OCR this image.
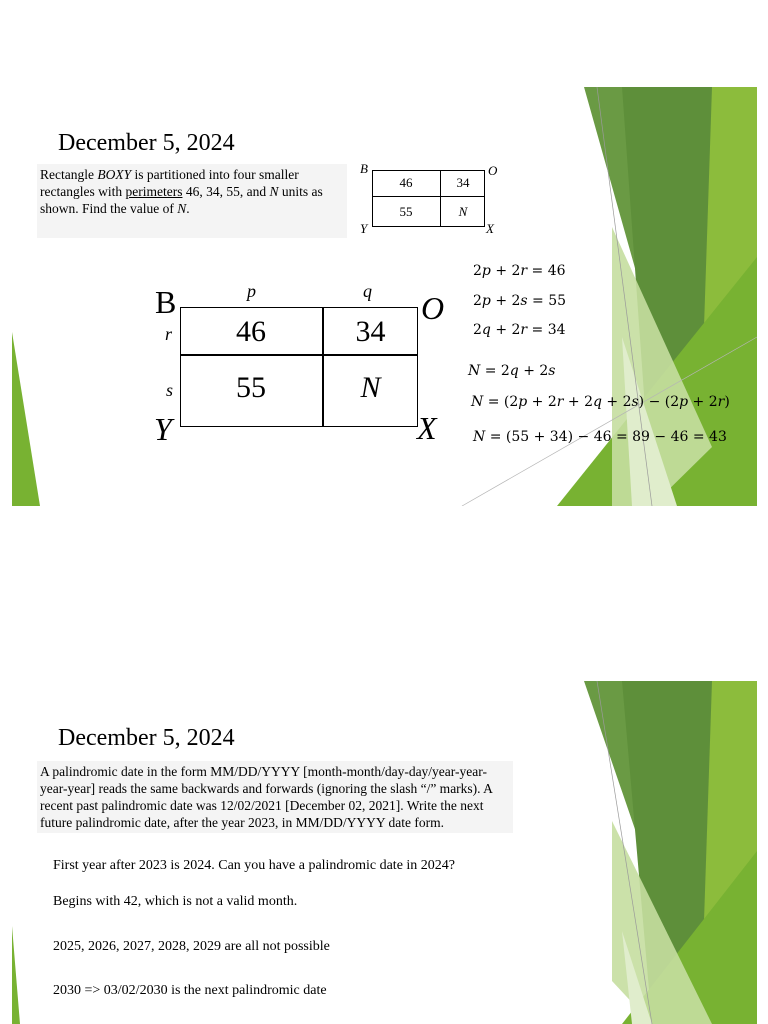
December 5, 2024
Rectangle BOXY is partitioned into four smaller rectangles with perimeters 46, 34, 55, and N units as shown. Find the value of N.
B	O
Y	X
46	34
55	N
B	O
Y	X
p	q
r
s
46	34
55	N
2𝑝 + 2𝑟 = 46
2𝑝 + 2𝑠 = 55
2𝑞 + 2𝑟 = 34
𝑁 = 2𝑞 + 2𝑠
𝑁 = (2𝑝 + 2𝑟 + 2𝑞 + 2𝑠) − (2𝑝 + 2𝑟)
𝑁 = (55 + 34) − 46 = 89 − 46 = 43
December 5, 2024
A palindromic date in the form MM/DD/YYYY [month-month/day-day/year-year-year-year] reads the same backwards and forwards (ignoring the slash “/” marks). A recent past palindromic date was 12/02/2021 [December 02, 2021]. Write the next future palindromic date, after the year 2023, in MM/DD/YYYY date form.
First year after 2023 is 2024. Can you have a palindromic date in 2024?
Begins with 42, which is not a valid month.
2025, 2026, 2027, 2028, 2029 are all not possible
2030 => 03/02/2030 is the next palindromic date
